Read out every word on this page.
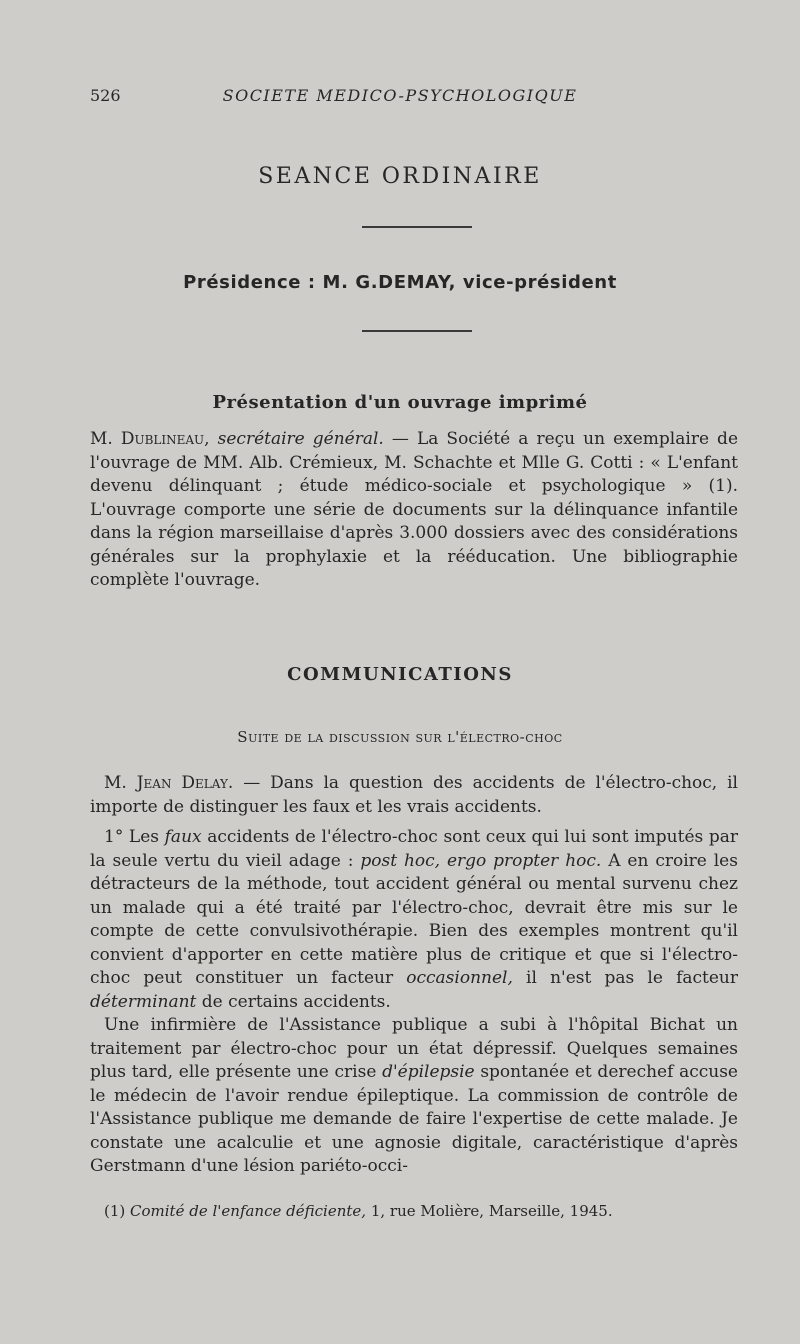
526	SOCIETE MEDICO-PSYCHOLOGIQUE
SEANCE ORDINAIRE
Présidence : M. G.DEMAY, vice-président
Présentation d'un ouvrage imprimé
M. Dublineau, secrétaire général. — La Société a reçu un exemplaire de l'ouvrage de MM. Alb. Crémieux, M. Schachte et Mlle G. Cotti : « L'enfant devenu délinquant ; étude médico-sociale et psychologique » (1). L'ouvrage comporte une série de documents sur la délinquance infantile dans la région marseillaise d'après 3.000 dossiers avec des considérations générales sur la prophylaxie et la rééducation. Une bibliographie complète l'ouvrage.
COMMUNICATIONS
Suite de la discussion sur l'électro-choc
M. Jean Delay. — Dans la question des accidents de l'électro-choc, il importe de distinguer les faux et les vrais accidents.
1° Les faux accidents de l'électro-choc sont ceux qui lui sont imputés par la seule vertu du vieil adage : post hoc, ergo propter hoc. A en croire les détracteurs de la méthode, tout accident général ou mental survenu chez un malade qui a été traité par l'électro-choc, devrait être mis sur le compte de cette convulsivothérapie. Bien des exemples montrent qu'il convient d'apporter en cette matière plus de critique et que si l'électro-choc peut constituer un facteur occasionnel, il n'est pas le facteur déterminant de certains accidents.
Une infirmière de l'Assistance publique a subi à l'hôpital Bichat un traitement par électro-choc pour un état dépressif. Quelques semaines plus tard, elle présente une crise d'épilepsie spontanée et derechef accuse le médecin de l'avoir rendue épileptique. La commission de contrôle de l'Assistance publique me demande de faire l'expertise de cette malade. Je constate une acalculie et une agnosie digitale, caractéristique d'après Gerstmann d'une lésion pariéto-occi-
(1) Comité de l'enfance déficiente, 1, rue Molière, Marseille, 1945.
